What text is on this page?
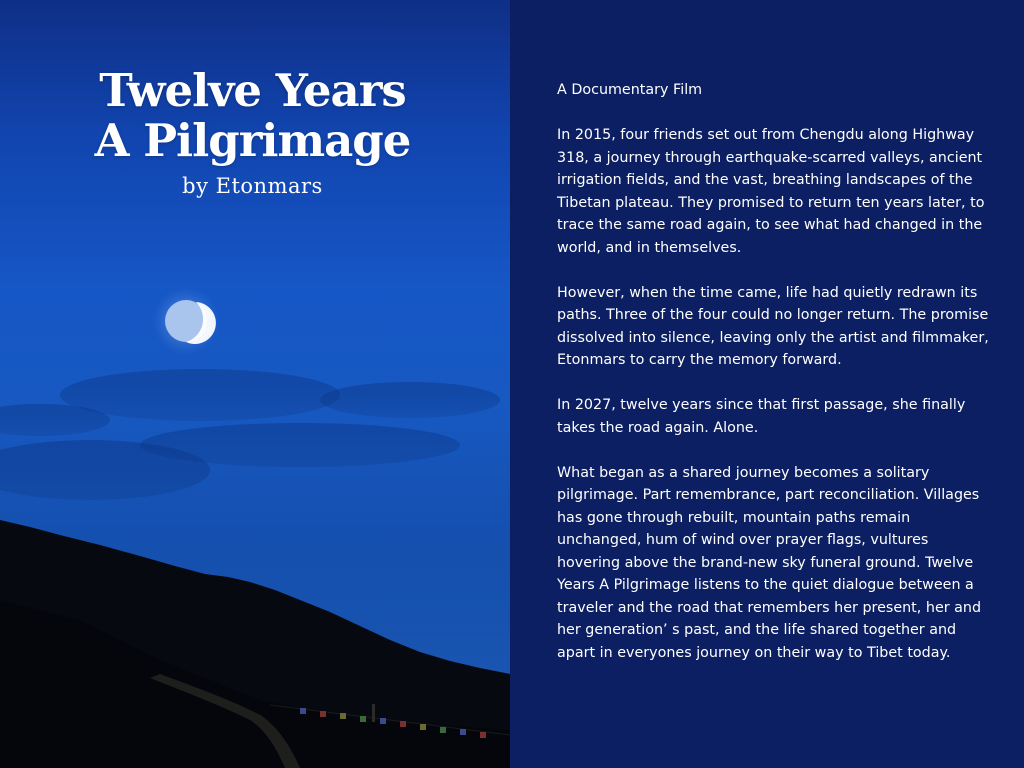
Twelve Years
A Pilgrimage
by Etonmars

A Documentary Film

In 2015, four friends set out from Chengdu along Highway 318, a journey through earthquake-scarred valleys, ancient irrigation fields, and the vast, breathing landscapes of the Tibetan plateau. They promised to return ten years later, to trace the same road again, to see what had changed in the world, and in themselves.

However, when the time came, life had quietly redrawn its paths. Three of the four could no longer return. The promise dissolved into silence, leaving only the artist and filmmaker, Etonmars to carry the memory forward.

In 2027, twelve years since that first passage, she finally takes the road again. Alone.

What began as a shared journey becomes a solitary pilgrimage. Part remembrance, part reconciliation. Villages has gone through rebuilt, mountain paths remain unchanged, hum of wind over prayer flags, vultures hovering above the brand-new sky funeral ground. Twelve Years A Pilgrimage listens to the quiet dialogue between a traveler and the road that remembers her present, her and her generation’ s past, and the life shared together and apart in everyones journey on their way to Tibet today.
